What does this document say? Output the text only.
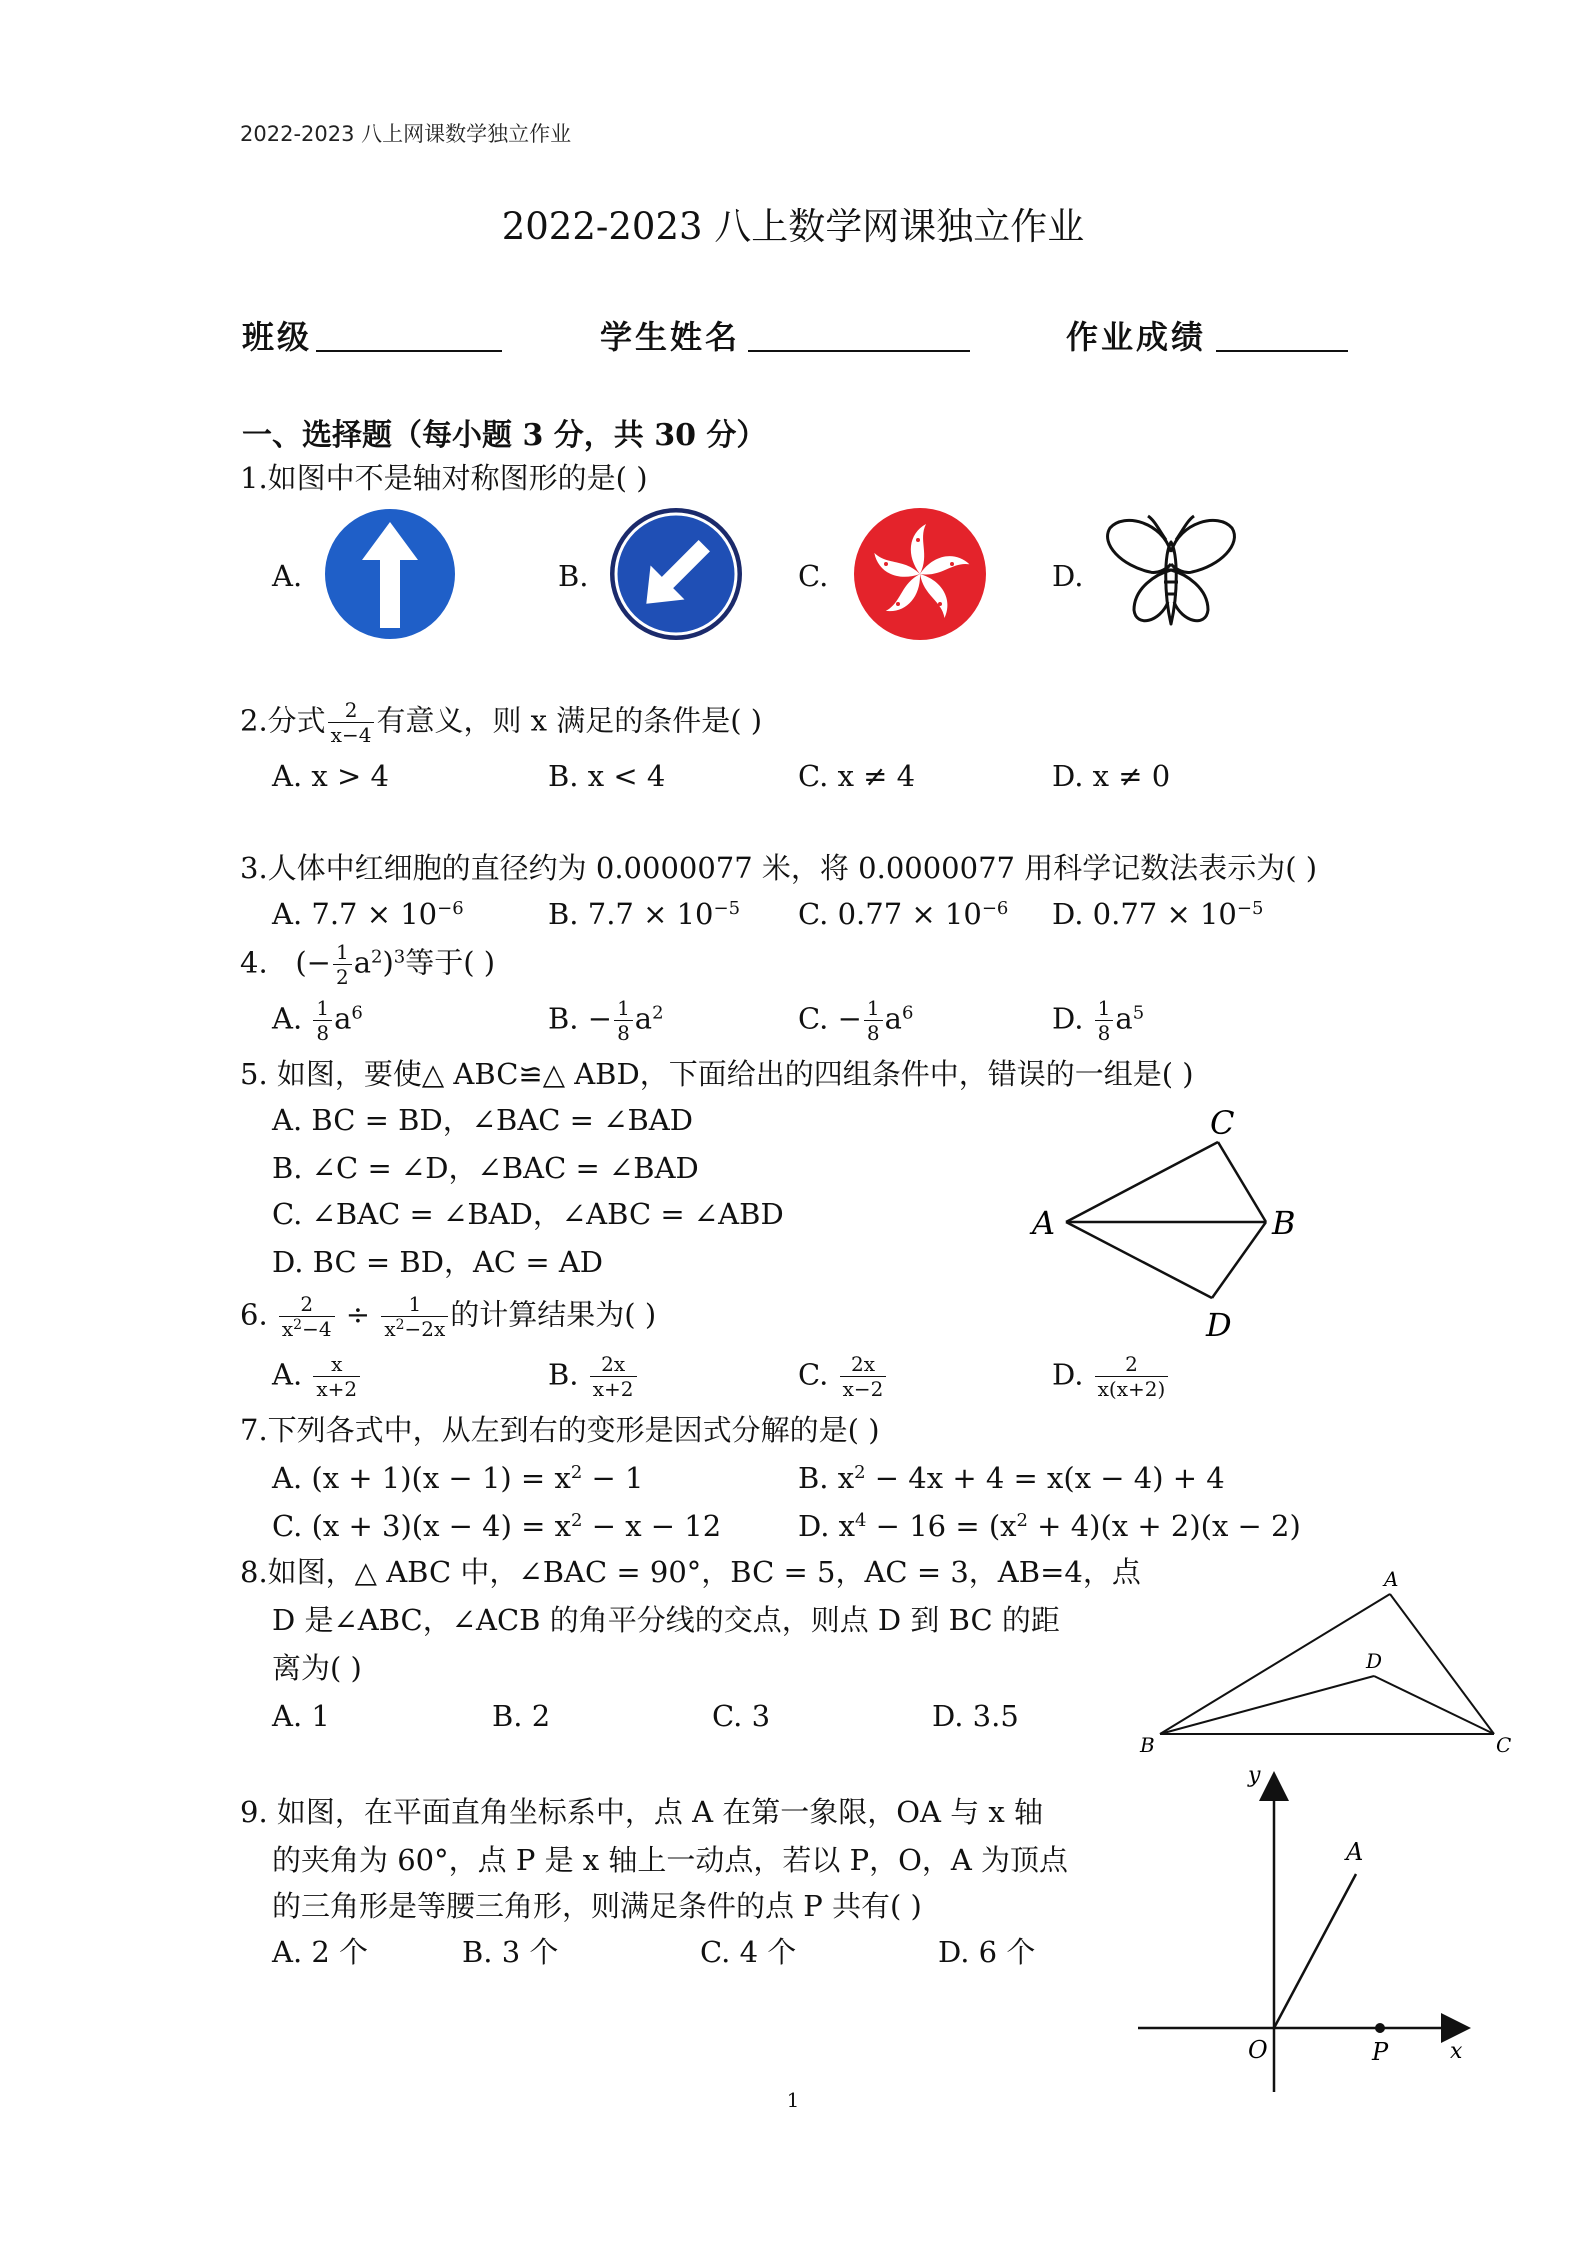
2022-2023 八上网课数学独立作业
2022-2023 八上数学网课独立作业
班级	学生姓名	作业成绩
一、选择题（每小题 3 分，共 30 分）
1.如图中不是轴对称图形的是( )
A.	B.	C.	D.
2.分式 $\frac{2}{x-4}$ 有意义，则 x 满足的条件是( )
A. x > 4	B. x < 4	C. x ≠ 4	D. x ≠ 0
3.人体中红细胞的直径约为 0.0000077 米，将 0.0000077 用科学记数法表示为( )
A. $7.7 \times 10^{-6}$	B. $7.7 \times 10^{-5}$ C. $0.77 \times 10^{-6}$ D. $0.77 \times 10^{-5}$
4. (− $\frac{1}{2} a^2)^3$等于( )
A. $\frac{1}{8} a^6$	B. − $\frac{1}{8} a^2$	C. − $\frac{1}{8} a^6$	D. $\frac{1}{8} a^5$
5. 如图，要使△ ABC≌△ ABD，下面给出的四组条件中，错误的一组是( )
A. BC = BD，∠BAC = ∠BAD
B. ∠C = ∠D，∠BAC = ∠BAD
C. ∠BAC = ∠BAD，∠ABC = ∠ABD
D. BC = BD，AC = AD
A	B
C
D
6. $\frac{2}{x^2-4} \div \frac{1}{x^2-2x}$ 的计算结果为( )
A. $\frac{x}{x+2}$	B. $\frac{2x}{x+2}$	C. $\frac{2x}{x-2}$	D. $\frac{2}{x(x+2)}$
7.下列各式中，从左到右的变形是因式分解的是( )
A. $(x + 1)(x - 1) = x^2 - 1$	B. $x^2 - 4x + 4 = x(x - 4) + 4$
C. $(x + 3)(x - 4) = x^2 - x - 12$	D. $x^4 - 16 = (x^2 + 4)(x + 2)(x - 2)$
8.如图，△ ABC 中，∠BAC = 90°，BC = 5，AC = 3，AB=4，点
D 是∠ABC，∠ACB 的角平分线的交点，则点 D 到 BC 的距
离为( )
A. 1	B. 2	C. 3	D. 3.5
A
B	C
D
9. 如图，在平面直角坐标系中，点 A 在第一象限，OA 与 x 轴
的夹角为 60°，点 P 是 x 轴上一动点，若以 P，O，A 为顶点
的三角形是等腰三角形，则满足条件的点 P 共有( )
A. 2 个	B. 3 个	C. 4 个	D. 6 个
y
A
O	P	x
1
